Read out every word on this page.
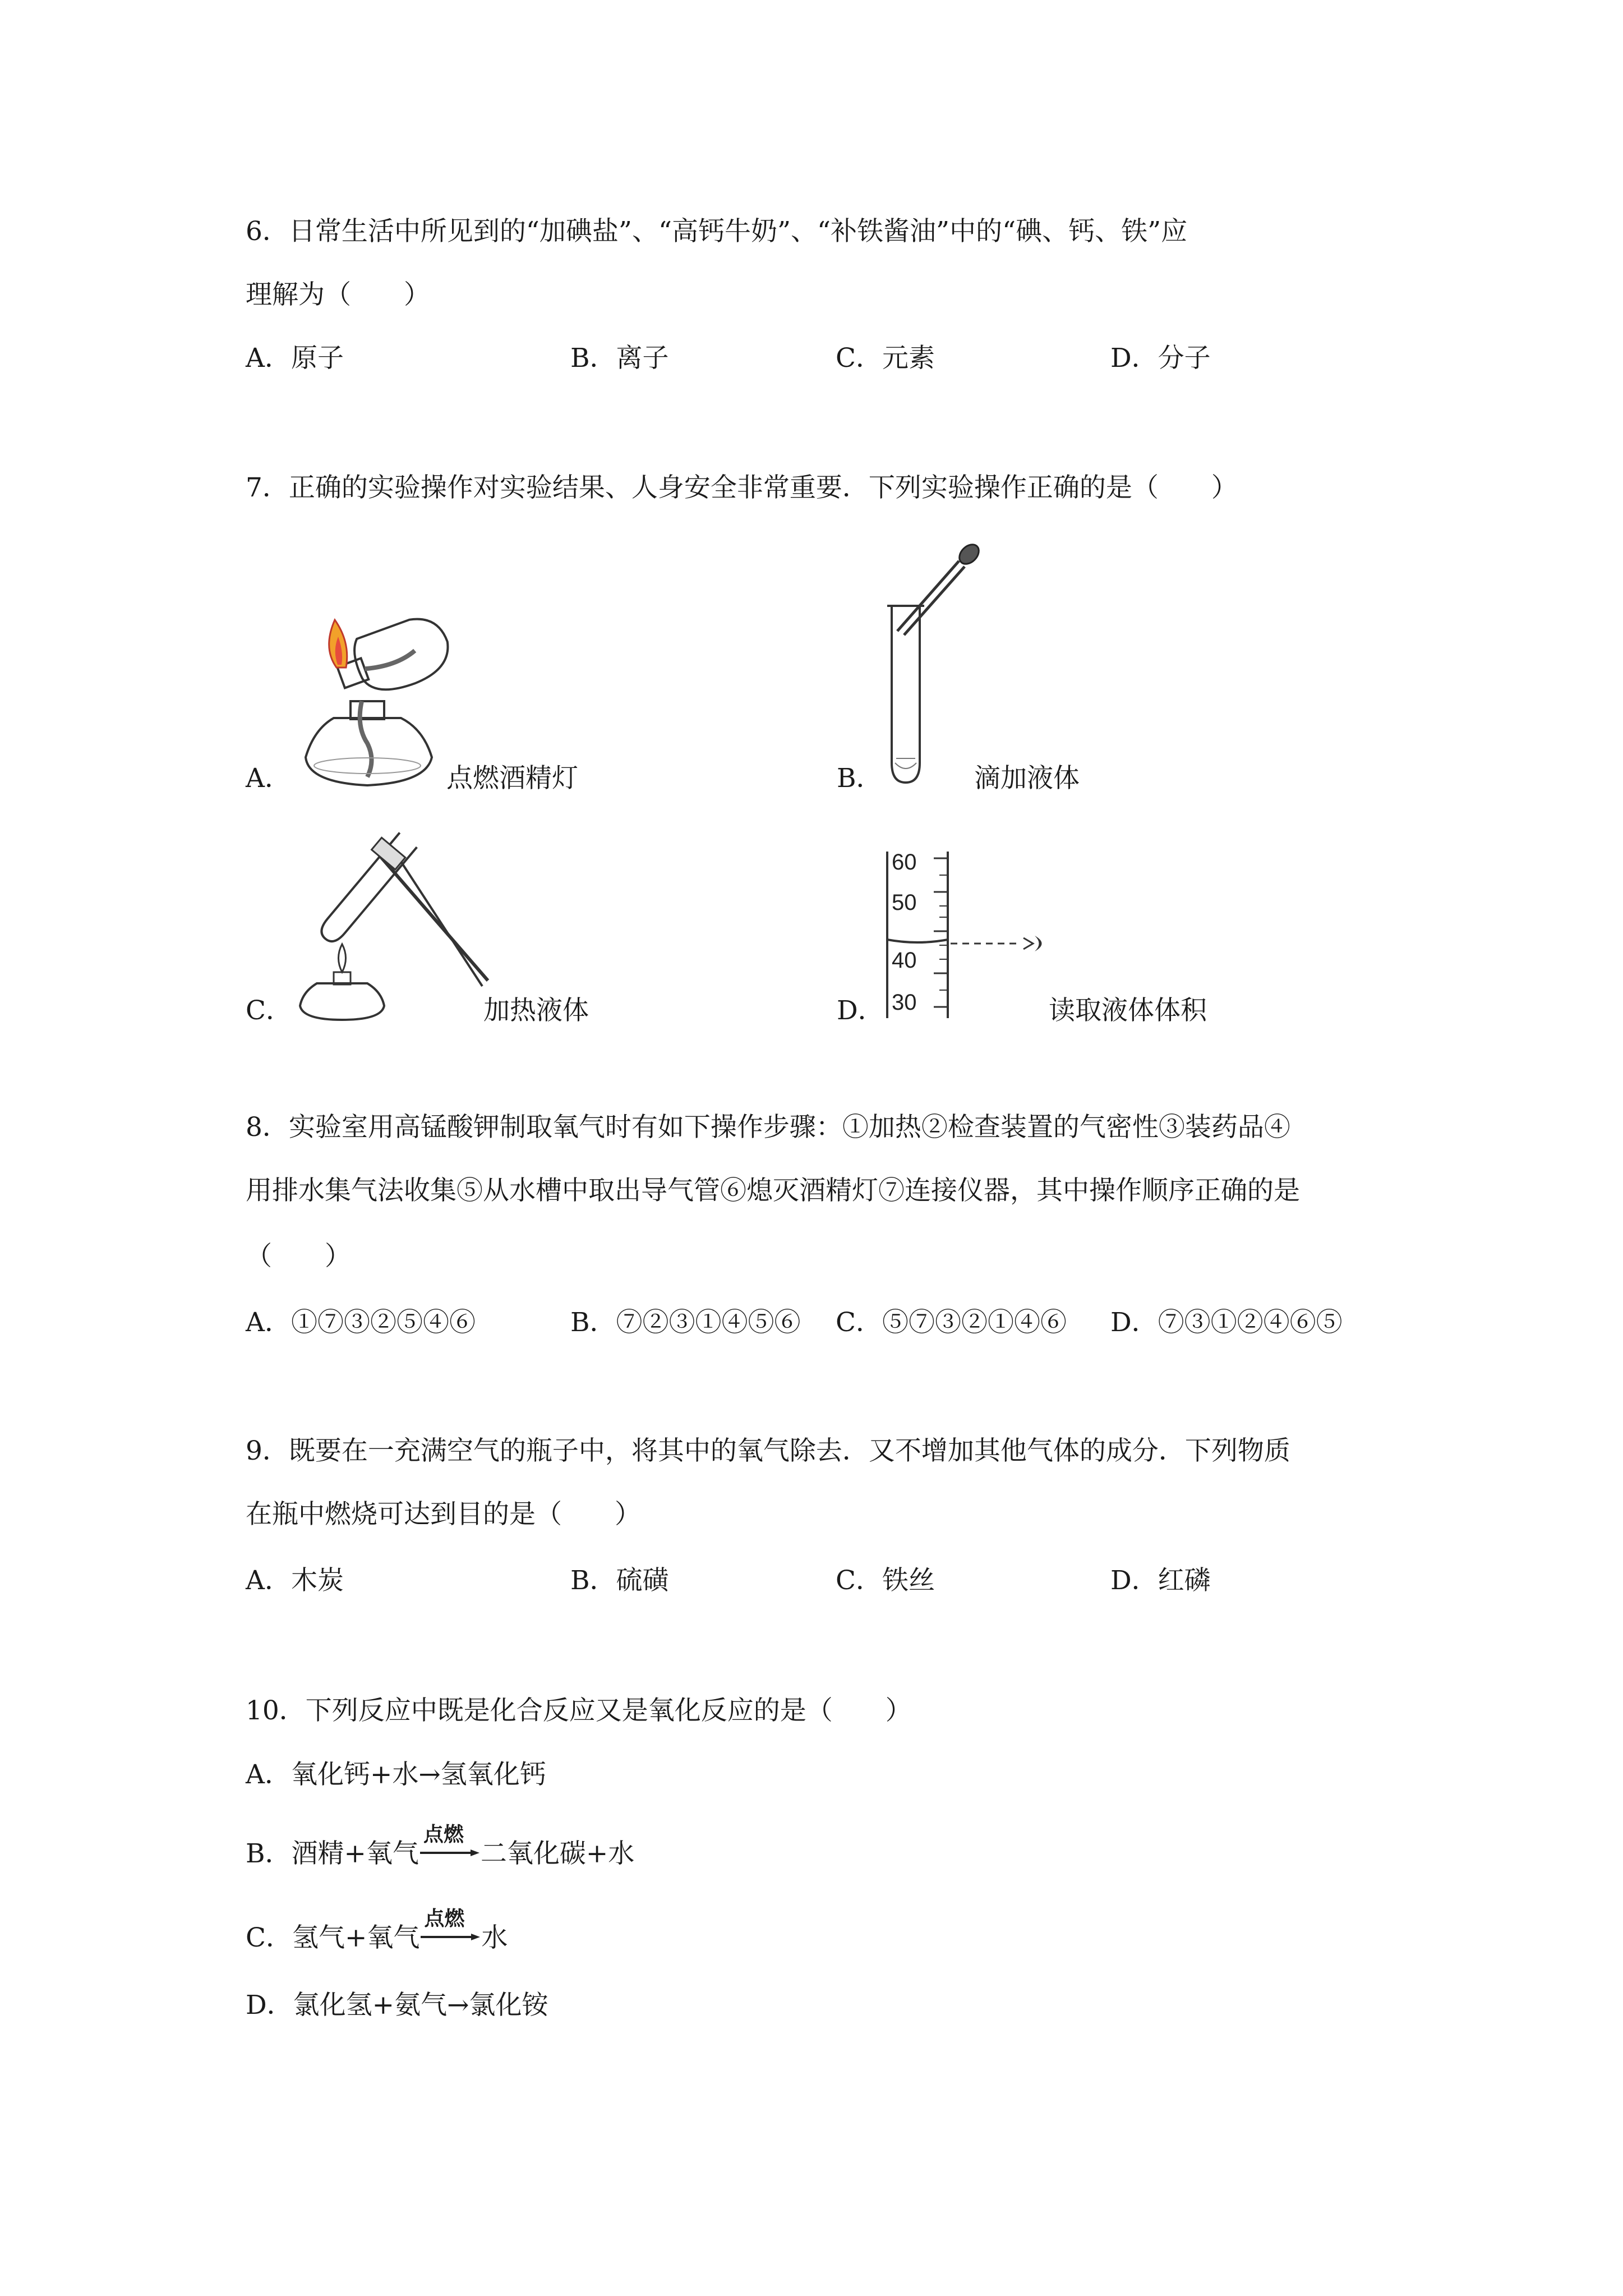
6．日常生活中所见到的“加碘盐”、“高钙牛奶”、“补铁酱油”中的“碘、钙、铁”应
理解为（　　）
A．原子	B．离子	C．元素	D．分子
7．正确的实验操作对实验结果、人身安全非常重要．下列实验操作正确的是（　　）
A．	点燃酒精灯	B．	滴加液体
C．	加热液体	D．
60
50
40
30	读取液体体积
8．实验室用高锰酸钾制取氧气时有如下操作步骤：①加热②检查装置的气密性③装药品④
用排水集气法收集⑤从水槽中取出导气管⑥熄灭酒精灯⑦连接仪器，其中操作顺序正确的是
（　　）
A．①⑦③②⑤④⑥	B．⑦②③①④⑤⑥ C．⑤⑦③②①④⑥ D．⑦③①②④⑥⑤
9．既要在一充满空气的瓶子中，将其中的氧气除去．又不增加其他气体的成分．下列物质
在瓶中燃烧可达到目的是（　　）
A．木炭	B．硫磺	C．铁丝	D．红磷
10．下列反应中既是化合反应又是氧化反应的是（　　）
A．氧化钙+水→氢氧化钙
B．酒精+氧气
点燃
二氧化碳+水
C．氢气+氧气
点燃
水
D．氯化氢+氨气→氯化铵
